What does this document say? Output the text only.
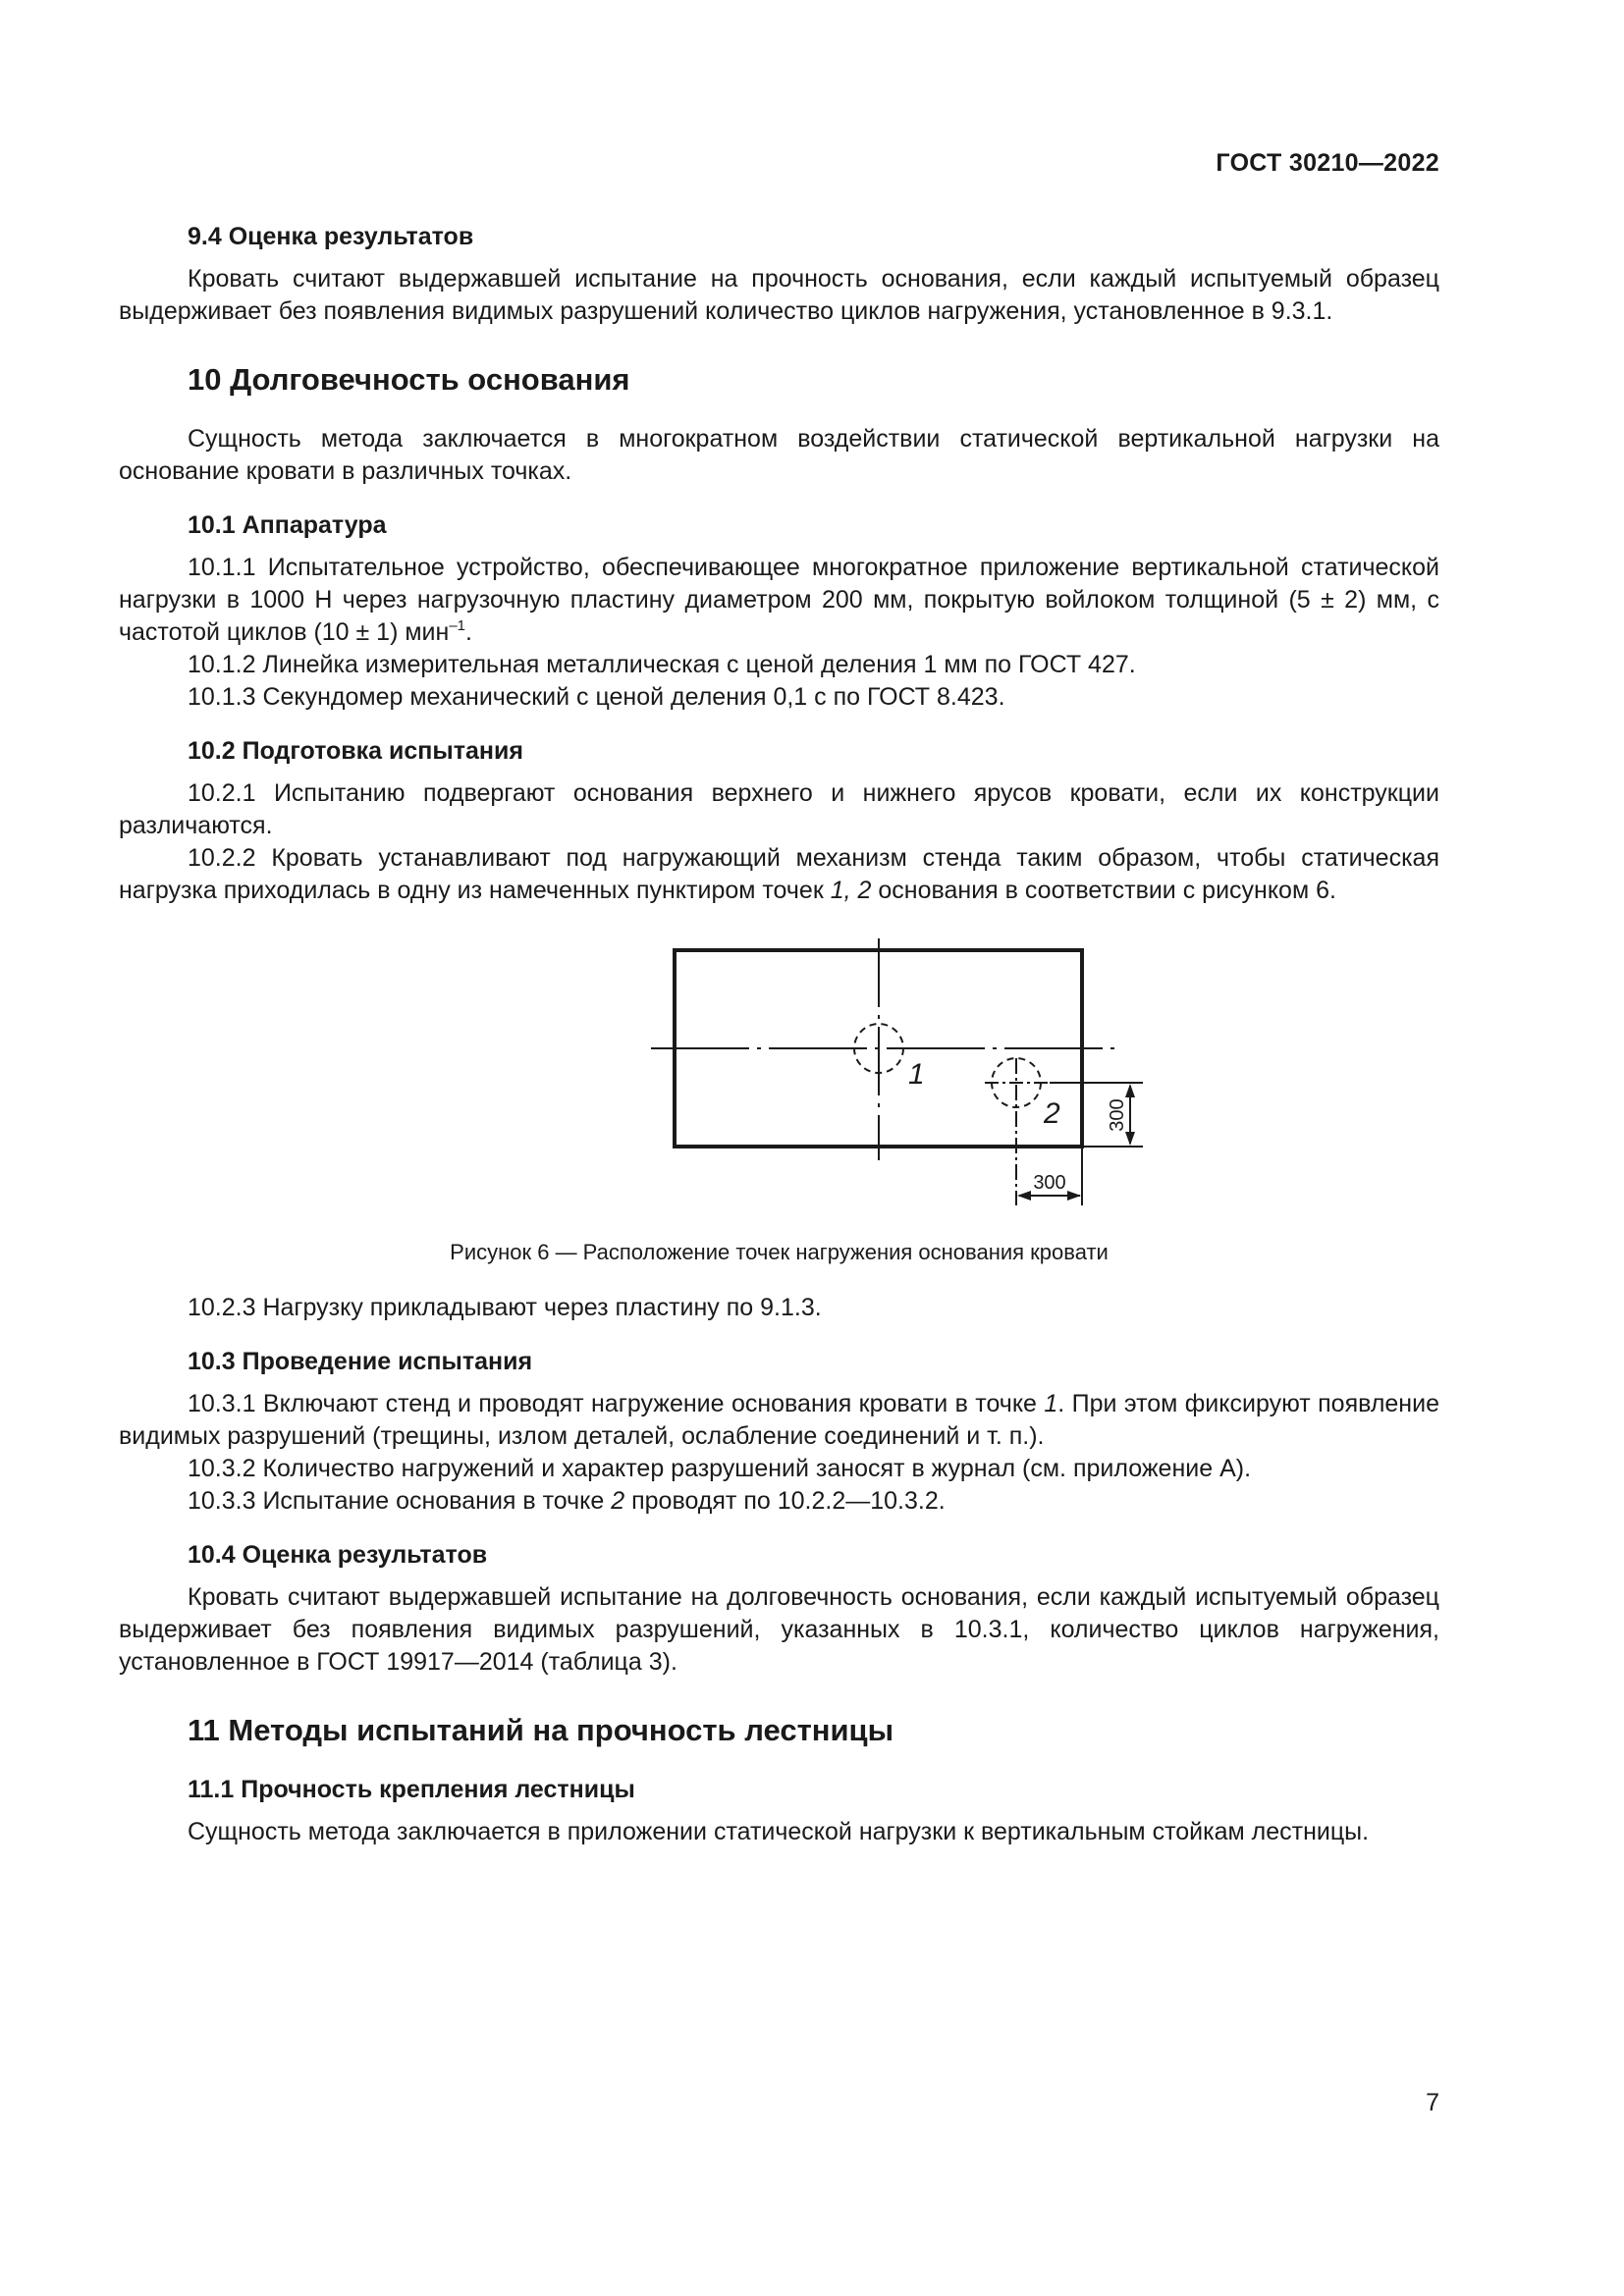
ГОСТ 30210—2022
9.4 Оценка результатов

Кровать считают выдержавшей испытание на прочность основания, если каждый испытуемый образец выдерживает без появления видимых разрушений количество циклов нагружения, установленное в 9.3.1.

10 Долговечность основания

Сущность метода заключается в многократном воздействии статической вертикальной нагрузки на основание кровати в различных точках.

10.1 Аппаратура

10.1.1 Испытательное устройство, обеспечивающее многократное приложение вертикальной статической нагрузки в 1000 Н через нагрузочную пластину диаметром 200 мм, покрытую войлоком толщиной (5 ± 2) мм, с частотой циклов (10 ± 1) мин$^{-1}$.

10.1.2 Линейка измерительная металлическая с ценой деления 1 мм по ГОСТ 427.

10.1.3 Секундомер механический с ценой деления 0,1 с по ГОСТ 8.423.

10.2 Подготовка испытания

10.2.1 Испытанию подвергают основания верхнего и нижнего ярусов кровати, если их конструкции различаются.

10.2.2 Кровать устанавливают под нагружающий механизм стенда таким образом, чтобы статическая нагрузка приходилась в одну из намеченных пунктиром точек 1, 2 основания в соответствии с рисунком 6.

1
2 300
300

Рисунок 6 — Расположение точек нагружения основания кровати

10.2.3 Нагрузку прикладывают через пластину по 9.1.3.

10.3 Проведение испытания

10.3.1 Включают стенд и проводят нагружение основания кровати в точке 1. При этом фиксируют появление видимых разрушений (трещины, излом деталей, ослабление соединений и т. п.).

10.3.2 Количество нагружений и характер разрушений заносят в журнал (см. приложение А).

10.3.3 Испытание основания в точке 2 проводят по 10.2.2—10.3.2.

10.4 Оценка результатов

Кровать считают выдержавшей испытание на долговечность основания, если каждый испытуемый образец выдерживает без появления видимых разрушений, указанных в 10.3.1, количество циклов нагружения, установленное в ГОСТ 19917—2014 (таблица 3).

11 Методы испытаний на прочность лестницы
11.1 Прочность крепления лестницы

Сущность метода заключается в приложении статической нагрузки к вертикальным стойкам лестницы.

7
